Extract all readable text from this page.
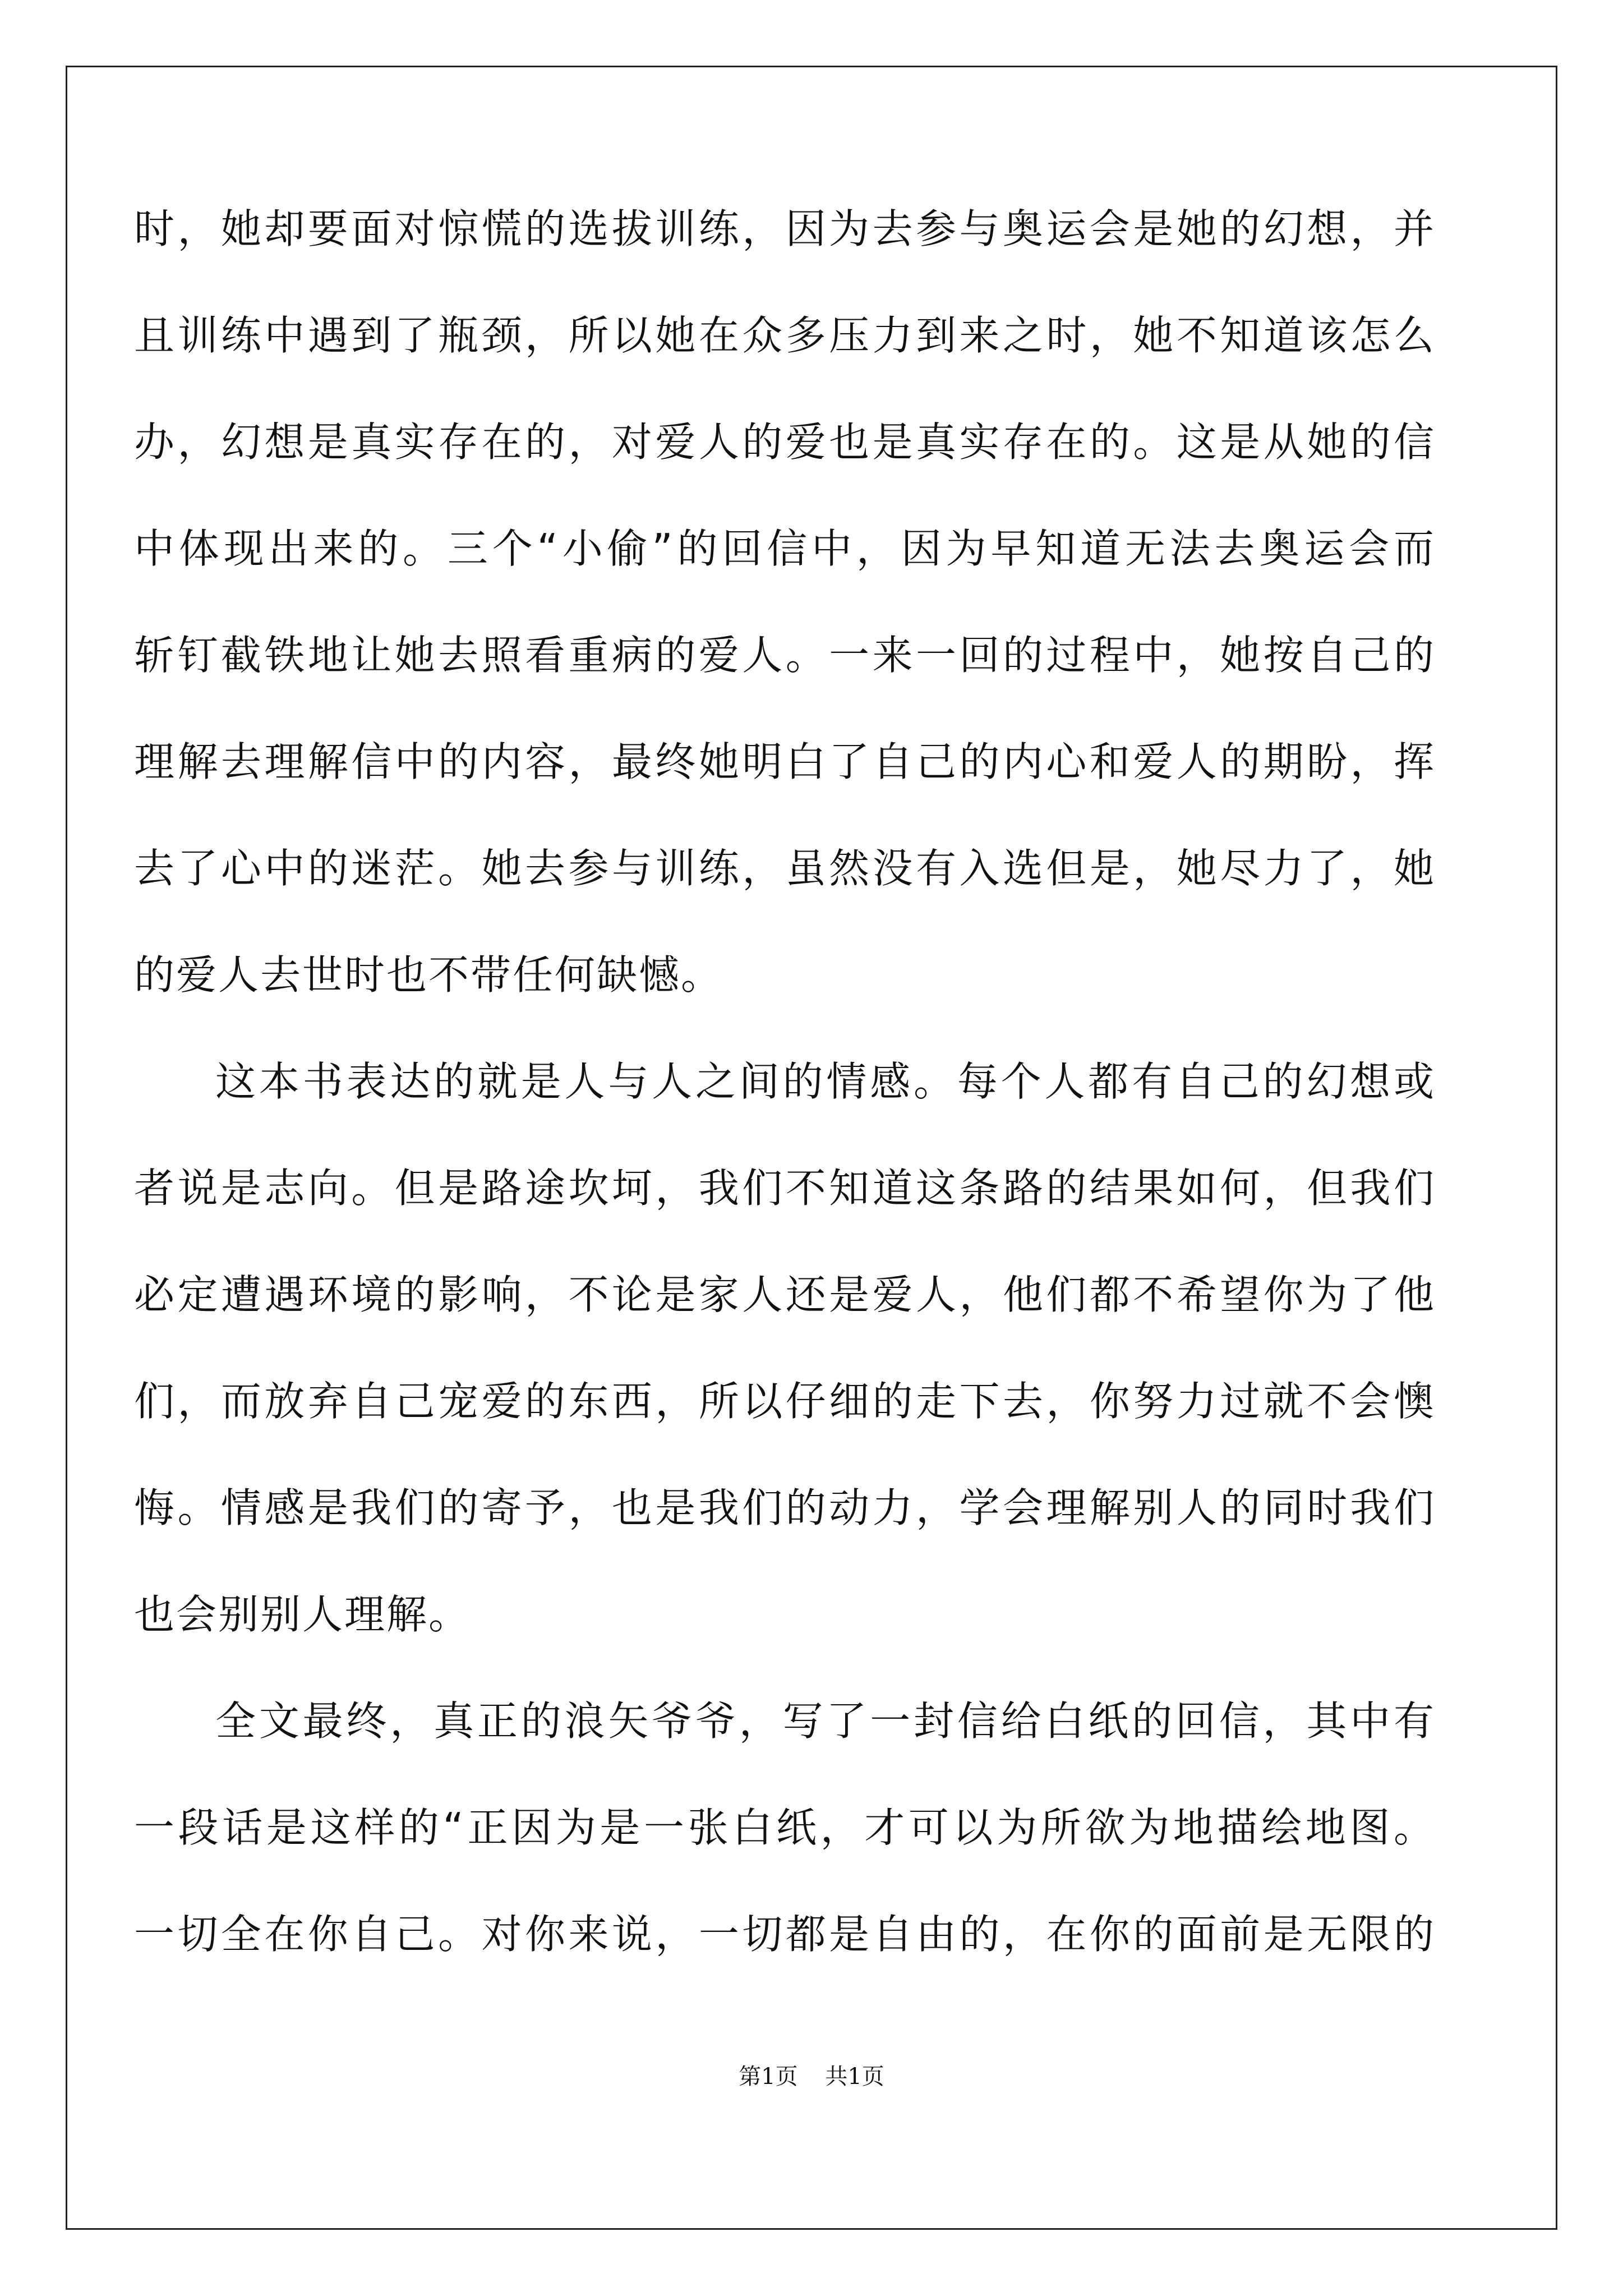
时，她却要面对惊慌的选拔训练，因为去参与奥运会是她的幻想，并
且训练中遇到了瓶颈，所以她在众多压力到来之时，她不知道该怎么
办，幻想是真实存在的，对爱人的爱也是真实存在的。这是从她的信
中体现出来的。三个“小偷”的回信中，因为早知道无法去奥运会而
斩钉截铁地让她去照看重病的爱人。一来一回的过程中，她按自己的
理解去理解信中的内容，最终她明白了自己的内心和爱人的期盼，挥
去了心中的迷茫。她去参与训练，虽然没有入选但是，她尽力了，她
的爱人去世时也不带任何缺憾。
这本书表达的就是人与人之间的情感。每个人都有自己的幻想或
者说是志向。但是路途坎坷，我们不知道这条路的结果如何，但我们
必定遭遇环境的影响，不论是家人还是爱人，他们都不希望你为了他
们，而放弃自己宠爱的东西，所以仔细的走下去，你努力过就不会懊
悔。情感是我们的寄予，也是我们的动力，学会理解别人的同时我们
也会别别人理解。
全文最终，真正的浪矢爷爷，写了一封信给白纸的回信，其中有
一段话是这样的“正因为是一张白纸，才可以为所欲为地描绘地图。
一切全在你自己。对你来说，一切都是自由的，在你的面前是无限的
第1页 共1页
